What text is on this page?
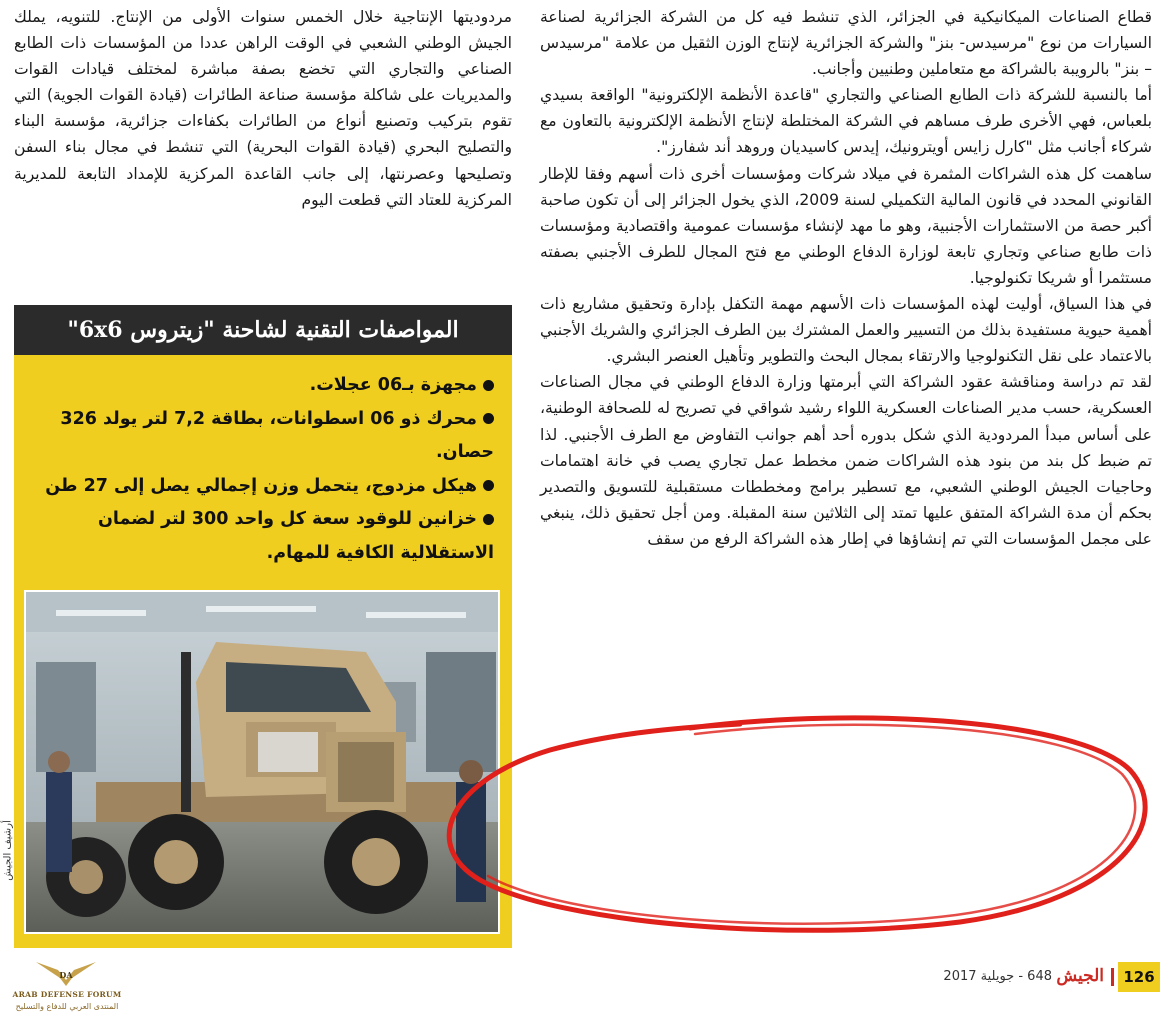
قطاع الصناعات الميكانيكية في الجزائر، الذي تنشط فيه كل من الشركة الجزائرية لصناعة السيارات من نوع "مرسيدس- بنز" والشركة الجزائرية لإنتاج الوزن الثقيل من علامة "مرسيدس – بنز" بالرويبة بالشراكة مع متعاملين وطنيين وأجانب.

أما بالنسبة للشركة ذات الطابع الصناعي والتجاري "قاعدة الأنظمة الإلكترونية" الواقعة بسيدي بلعباس، فهي الأخرى طرف مساهم في الشركة المختلطة لإنتاج الأنظمة الإلكترونية بالتعاون مع شركاء أجانب مثل "كارل زايس أويترونيك، إيدس كاسيديان وروهد أند شفارز".

ساهمت كل هذه الشراكات المثمرة في ميلاد شركات ومؤسسات أخرى ذات أسهم وفقا للإطار القانوني المحدد في قانون المالية التكميلي لسنة 2009، الذي يخول الجزائر إلى أن تكون صاحبة أكبر حصة من الاستثمارات الأجنبية، وهو ما مهد لإنشاء مؤسسات عمومية واقتصادية ومؤسسات ذات طابع صناعي وتجاري تابعة لوزارة الدفاع الوطني مع فتح المجال للطرف الأجنبي بصفته مستثمرا أو شريكا تكنولوجيا.

في هذا السياق، أوليت لهذه المؤسسات ذات الأسهم مهمة التكفل بإدارة وتحقيق مشاريع ذات أهمية حيوية مستفيدة بذلك من التسيير والعمل المشترك بين الطرف الجزائري والشريك الأجنبي بالاعتماد على نقل التكنولوجيا والارتقاء بمجال البحث والتطوير وتأهيل العنصر البشري.

لقد تم دراسة ومناقشة عقود الشراكة التي أبرمتها وزارة الدفاع الوطني في مجال الصناعات العسكرية، حسب مدير الصناعات العسكرية اللواء رشيد شواقي في تصريح له للصحافة الوطنية، على أساس مبدأ المردودية الذي شكل بدوره أحد أهم جوانب التفاوض مع الطرف الأجنبي. لذا تم ضبط كل بند من بنود هذه الشراكات ضمن مخطط عمل تجاري يصب في خانة اهتمامات وحاجيات الجيش الوطني الشعبي، مع تسطير برامج ومخططات مستقبلية للتسويق والتصدير بحكم أن مدة الشراكة المتفق عليها تمتد إلى الثلاثين سنة المقبلة. ومن أجل تحقيق ذلك، ينبغي على مجمل المؤسسات التي تم إنشاؤها في إطار هذه الشراكة الرفع من سقف

مردوديتها الإنتاجية خلال الخمس سنوات الأولى من الإنتاج. للتنويه، يملك الجيش الوطني الشعبي في الوقت الراهن عددا من المؤسسات ذات الطابع الصناعي والتجاري التي تخضع بصفة مباشرة لمختلف قيادات القوات والمديريات على شاكلة مؤسسة صناعة الطائرات (قيادة القوات الجوية) التي تقوم بتركيب وتصنيع أنواع من الطائرات بكفاءات جزائرية، مؤسسة البناء والتصليح البحري (قيادة القوات البحرية) التي تنشط في مجال بناء السفن وتصليحها وعصرنتها، إلى جانب القاعدة المركزية للإمداد التابعة للمديرية المركزية للعتاد التي قطعت اليوم

المواصفات التقنية لشاحنة "زيتروس 6x6"
مجهزة بـ06 عجلات.
محرك ذو 06 اسطوانات، بطاقة 7,2 لتر يولد 326 حصان.
هيكل مزدوج، يتحمل وزن إجمالي يصل إلى 27 طن
خزانين للوقود سعة كل واحد 300 لتر لضمان الاستقلالية الكافية للمهام.
أرشيف الجيش
126
الجيش
648 - جويلية 2017
DA
ARAB DEFENSE FORUM
المنتدى العربي للدفاع والتسليح
